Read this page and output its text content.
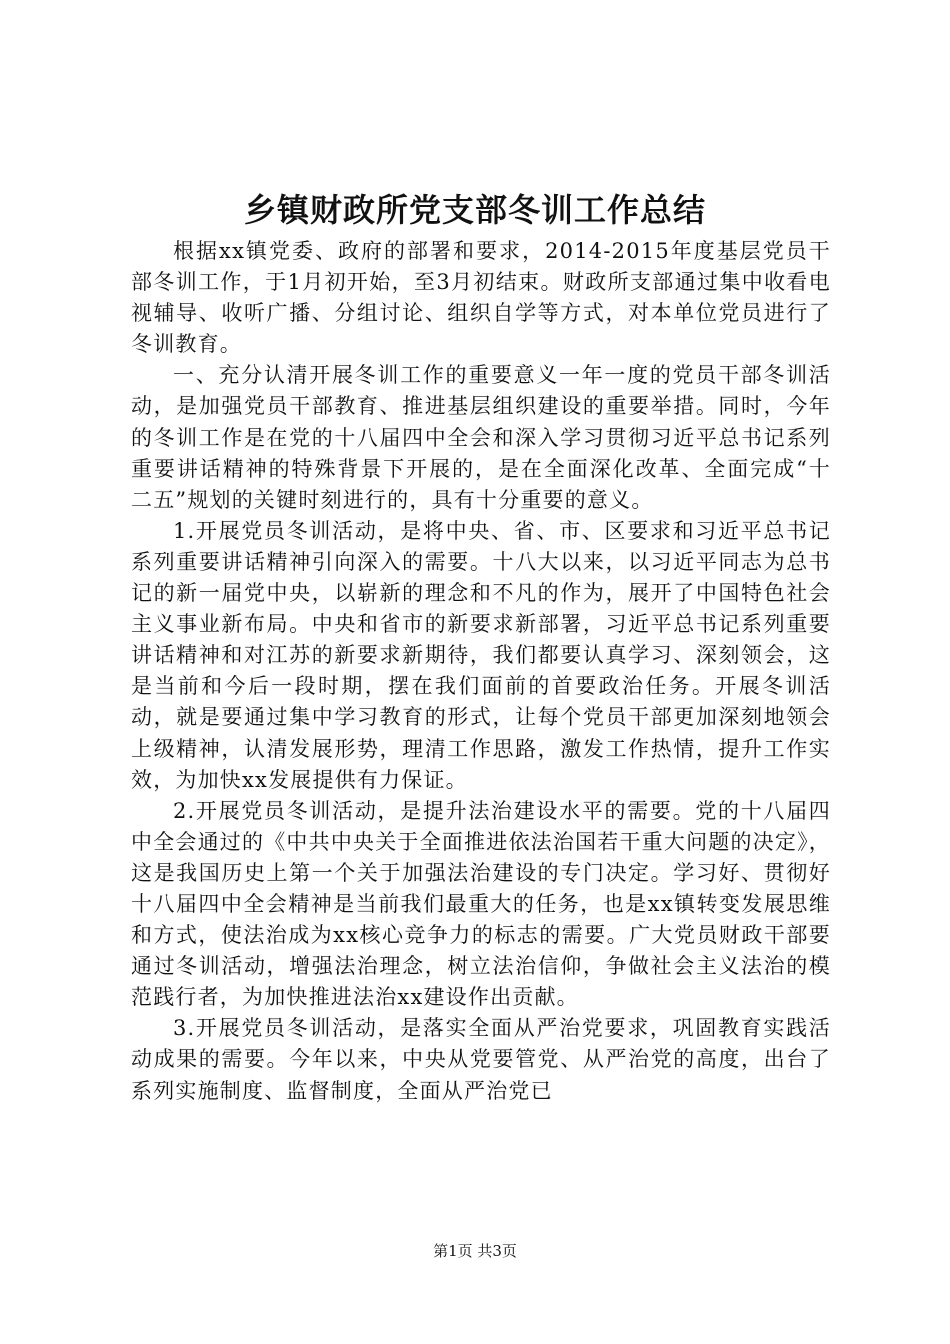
乡镇财政所党支部冬训工作总结

根据xx镇党委、政府的部署和要求，2014-2015年度基层党员干部冬训工作，于1月初开始，至3月初结束。财政所支部通过集中收看电视辅导、收听广播、分组讨论、组织自学等方式，对本单位党员进行了冬训教育。

一、充分认清开展冬训工作的重要意义一年一度的党员干部冬训活动，是加强党员干部教育、推进基层组织建设的重要举措。同时，今年的冬训工作是在党的十八届四中全会和深入学习贯彻习近平总书记系列重要讲话精神的特殊背景下开展的，是在全面深化改革、全面完成“十二五”规划的关键时刻进行的，具有十分重要的意义。

1.开展党员冬训活动，是将中央、省、市、区要求和习近平总书记系列重要讲话精神引向深入的需要。十八大以来，以习近平同志为总书记的新一届党中央，以崭新的理念和不凡的作为，展开了中国特色社会主义事业新布局。中央和省市的新要求新部署，习近平总书记系列重要讲话精神和对江苏的新要求新期待，我们都要认真学习、深刻领会，这是当前和今后一段时期，摆在我们面前的首要政治任务。开展冬训活动，就是要通过集中学习教育的形式，让每个党员干部更加深刻地领会上级精神，认清发展形势，理清工作思路，激发工作热情，提升工作实效，为加快xx发展提供有力保证。

2.开展党员冬训活动，是提升法治建设水平的需要。党的十八届四中全会通过的《中共中央关于全面推进依法治国若干重大问题的决定》，这是我国历史上第一个关于加强法治建设的专门决定。学习好、贯彻好十八届四中全会精神是当前我们最重大的任务，也是xx镇转变发展思维和方式，使法治成为xx核心竞争力的标志的需要。广大党员财政干部要通过冬训活动，增强法治理念，树立法治信仰，争做社会主义法治的模范践行者，为加快推进法治xx建设作出贡献。

3.开展党员冬训活动，是落实全面从严治党要求，巩固教育实践活动成果的需要。今年以来，中央从党要管党、从严治党的高度，出台了系列实施制度、监督制度，全面从严治党已

第1页 共3页
